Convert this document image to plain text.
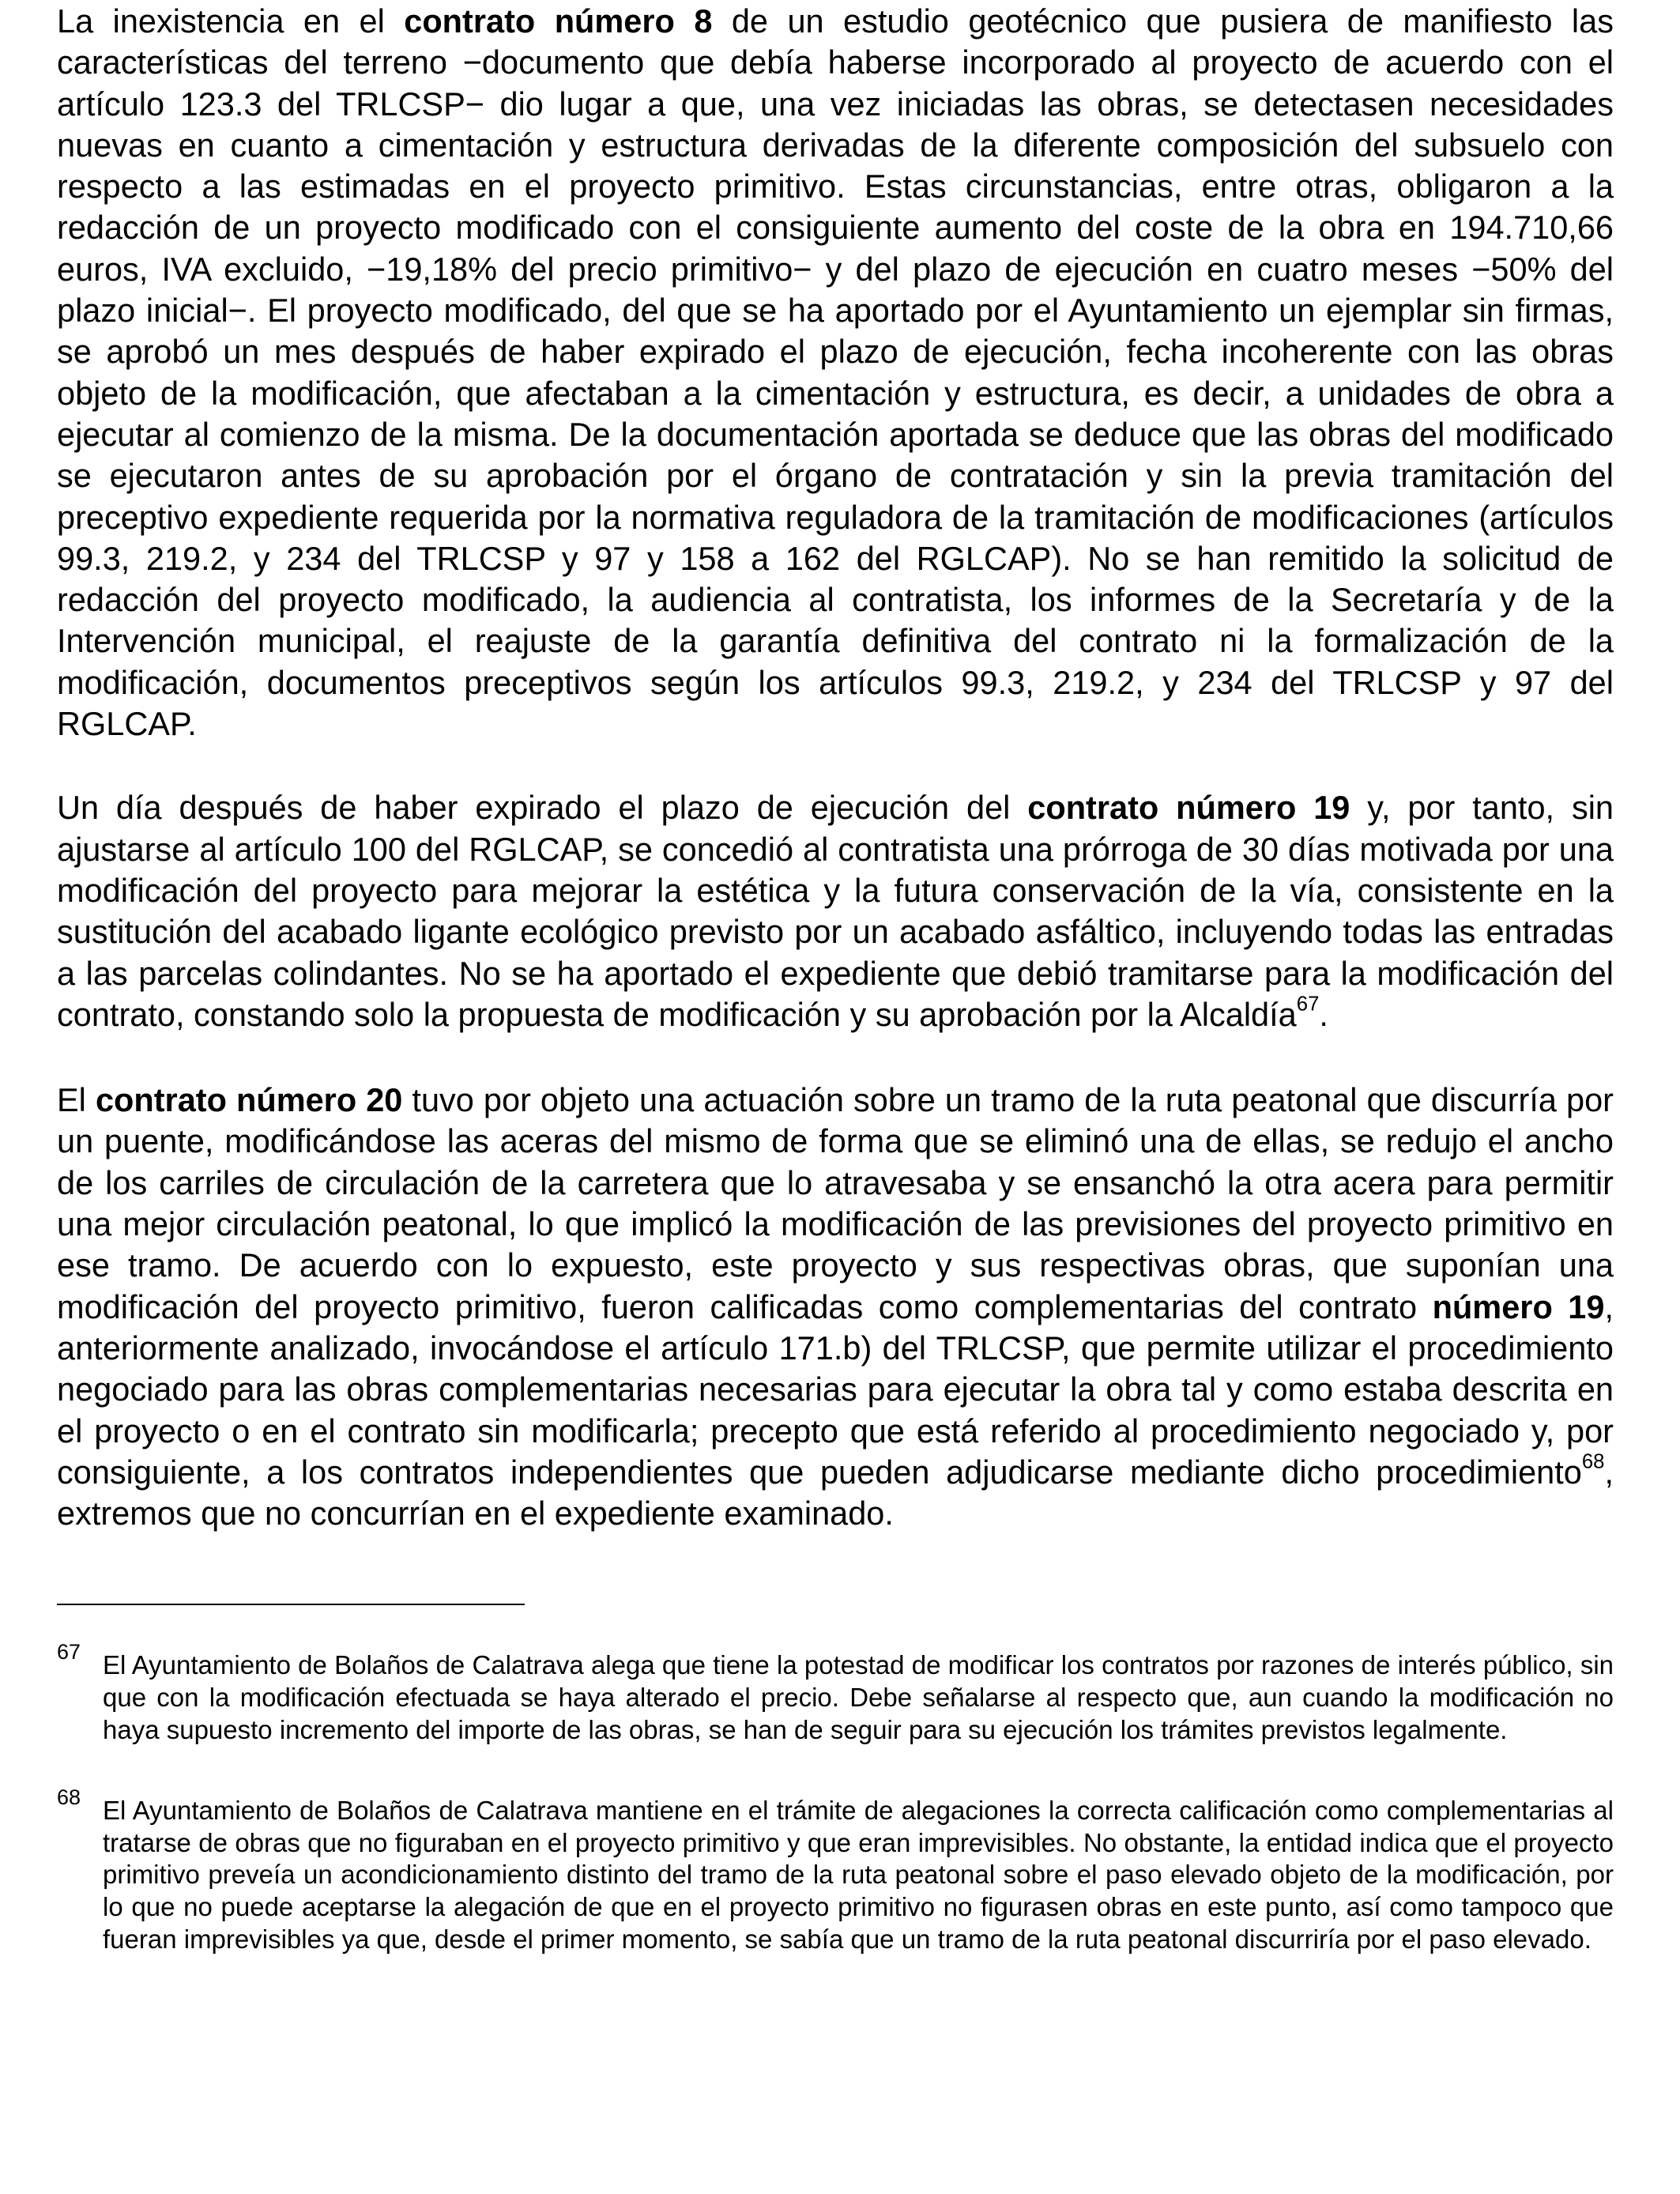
La inexistencia en el contrato número 8 de un estudio geotécnico que pusiera de manifiesto las características del terreno −documento que debía haberse incorporado al proyecto de acuerdo con el artículo 123.3 del TRLCSP− dio lugar a que, una vez iniciadas las obras, se detectasen necesidades nuevas en cuanto a cimentación y estructura derivadas de la diferente composición del subsuelo con respecto a las estimadas en el proyecto primitivo. Estas circunstancias, entre otras, obligaron a la redacción de un proyecto modificado con el consiguiente aumento del coste de la obra en 194.710,66 euros, IVA excluido, −19,18% del precio primitivo− y del plazo de ejecución en cuatro meses −50% del plazo inicial−. El proyecto modificado, del que se ha aportado por el Ayuntamiento un ejemplar sin firmas, se aprobó un mes después de haber expirado el plazo de ejecución, fecha incoherente con las obras objeto de la modificación, que afectaban a la cimentación y estructura, es decir, a unidades de obra a ejecutar al comienzo de la misma. De la documentación aportada se deduce que las obras del modificado se ejecutaron antes de su aprobación por el órgano de contratación y sin la previa tramitación del preceptivo expediente requerida por la normativa reguladora de la tramitación de modificaciones (artículos 99.3, 219.2, y 234 del TRLCSP y 97 y 158 a 162 del RGLCAP). No se han remitido la solicitud de redacción del proyecto modificado, la audiencia al contratista, los informes de la Secretaría y de la Intervención municipal, el reajuste de la garantía definitiva del contrato ni la formalización de la modificación, documentos preceptivos según los artículos 99.3, 219.2, y 234 del TRLCSP y 97 del RGLCAP.

Un día después de haber expirado el plazo de ejecución del contrato número 19 y, por tanto, sin ajustarse al artículo 100 del RGLCAP, se concedió al contratista una prórroga de 30 días motivada por una modificación del proyecto para mejorar la estética y la futura conservación de la vía, consistente en la sustitución del acabado ligante ecológico previsto por un acabado asfáltico, incluyendo todas las entradas a las parcelas colindantes. No se ha aportado el expediente que debió tramitarse para la modificación del contrato, constando solo la propuesta de modificación y su aprobación por la Alcaldía$^{67}$.

El contrato número 20 tuvo por objeto una actuación sobre un tramo de la ruta peatonal que discurría por un puente, modificándose las aceras del mismo de forma que se eliminó una de ellas, se redujo el ancho de los carriles de circulación de la carretera que lo atravesaba y se ensanchó la otra acera para permitir una mejor circulación peatonal, lo que implicó la modificación de las previsiones del proyecto primitivo en ese tramo. De acuerdo con lo expuesto, este proyecto y sus respectivas obras, que suponían una modificación del proyecto primitivo, fueron calificadas como complementarias del contrato número 19, anteriormente analizado, invocándose el artículo 171.b) del TRLCSP, que permite utilizar el procedimiento negociado para las obras complementarias necesarias para ejecutar la obra tal y como estaba descrita en el proyecto o en el contrato sin modificarla; precepto que está referido al procedimiento negociado y, por consiguiente, a los contratos independientes que pueden adjudicarse mediante dicho procedimiento$^{68}$, extremos que no concurrían en el expediente examinado.

67 El Ayuntamiento de Bolaños de Calatrava alega que tiene la potestad de modificar los contratos por razones de interés público, sin que con la modificación efectuada se haya alterado el precio. Debe señalarse al respecto que, aun cuando la modificación no haya supuesto incremento del importe de las obras, se han de seguir para su ejecución los trámites previstos legalmente.

68 El Ayuntamiento de Bolaños de Calatrava mantiene en el trámite de alegaciones la correcta calificación como complementarias al tratarse de obras que no figuraban en el proyecto primitivo y que eran imprevisibles. No obstante, la entidad indica que el proyecto primitivo preveía un acondicionamiento distinto del tramo de la ruta peatonal sobre el paso elevado objeto de la modificación, por lo que no puede aceptarse la alegación de que en el proyecto primitivo no figurasen obras en este punto, así como tampoco que fueran imprevisibles ya que, desde el primer momento, se sabía que un tramo de la ruta peatonal discurriría por el paso elevado.
